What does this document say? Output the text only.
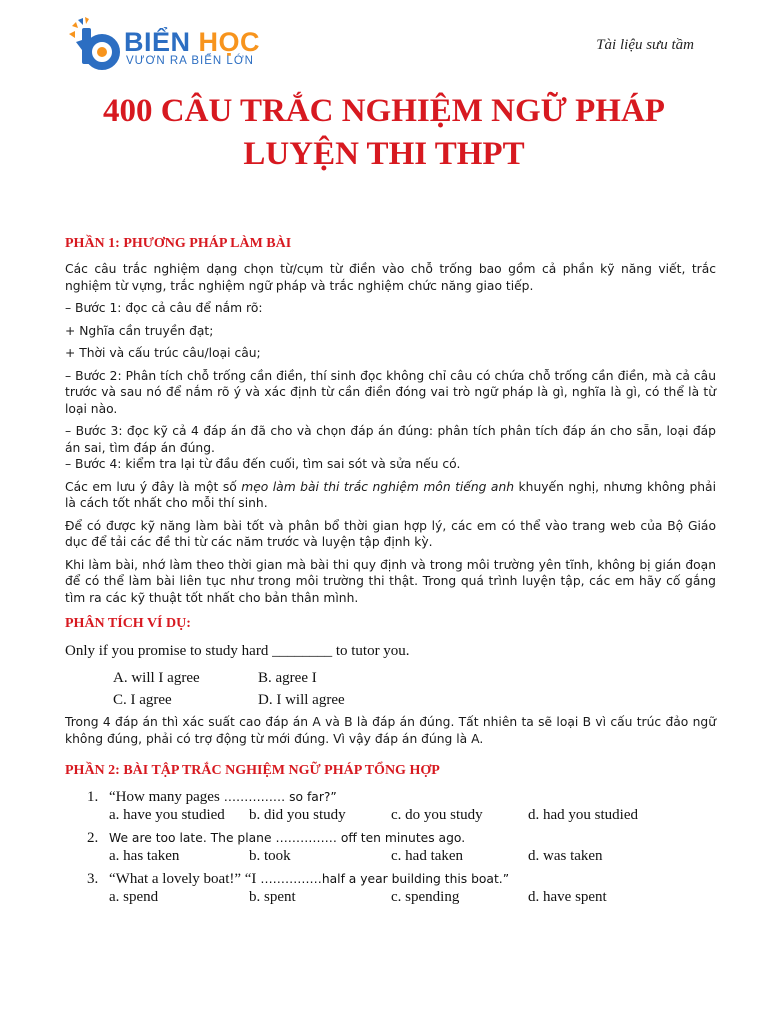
BIỂN HỌC
VƯƠN RA BIỂN LỚN
Tài liệu sưu tầm
400 CÂU TRẮC NGHIỆM NGỮ PHÁP
LUYỆN THI THPT
PHẦN 1: PHƯƠNG PHÁP LÀM BÀI

Các câu trắc nghiệm dạng chọn từ/cụm từ điền vào chỗ trống bao gồm cả phần kỹ năng viết, trắc nghiệm từ vựng, trắc nghiệm ngữ pháp và trắc nghiệm chức năng giao tiếp.

– Bước 1: đọc cả câu để nắm rõ:

+ Nghĩa cần truyền đạt;

+ Thời và cấu trúc câu/loại câu;

– Bước 2: Phân tích chỗ trống cần điền, thí sinh đọc không chỉ câu có chứa chỗ trống cần điền, mà cả câu trước và sau nó để nắm rõ ý và xác định từ cần điền đóng vai trò ngữ pháp là gì, nghĩa là gì, có thể là từ loại nào.

– Bước 3: đọc kỹ cả 4 đáp án đã cho và chọn đáp án đúng: phân tích phân tích đáp án cho sẵn, loại đáp án sai, tìm đáp án đúng.

– Bước 4: kiểm tra lại từ đầu đến cuối, tìm sai sót và sửa nếu có.

Các em lưu ý đây là một số mẹo làm bài thi trắc nghiệm môn tiếng anh khuyến nghị, nhưng không phải là cách tốt nhất cho mỗi thí sinh.

Để có được kỹ năng làm bài tốt và phân bổ thời gian hợp lý, các em có thể vào trang web của Bộ Giáo dục để tải các đề thi từ các năm trước và luyện tập định kỳ.

Khi làm bài, nhớ làm theo thời gian mà bài thi quy định và trong môi trường yên tĩnh, không bị gián đoạn để có thể làm bài liên tục như trong môi trường thi thật. Trong quá trình luyện tập, các em hãy cố gắng tìm ra các kỹ thuật tốt nhất cho bản thân mình.

PHÂN TÍCH VÍ DỤ:

Only if you promise to study hard ________ to tutor you.

A. will I agree	B. agree I
C. I agree	D. I will agree

Trong 4 đáp án thì xác suất cao đáp án A và B là đáp án đúng. Tất nhiên ta sẽ loại B vì cấu trúc đảo ngữ không đúng, phải có trợ động từ mới đúng. Vì vậy đáp án đúng là A.

PHẦN 2: BÀI TẬP TRẮC NGHIỆM NGỮ PHÁP TỔNG HỢP
1. “How many pages …………… so far?”
a. have you studied	b. did you study	c. do you study	d. had you studied
2. We are too late. The plane …………… off ten minutes ago.
a. has taken	b. took	c. had taken	d. was taken
3. “What a lovely boat!” “I ……………half a year building this boat.”
a. spend	b. spent	c. spending	d. have spent
